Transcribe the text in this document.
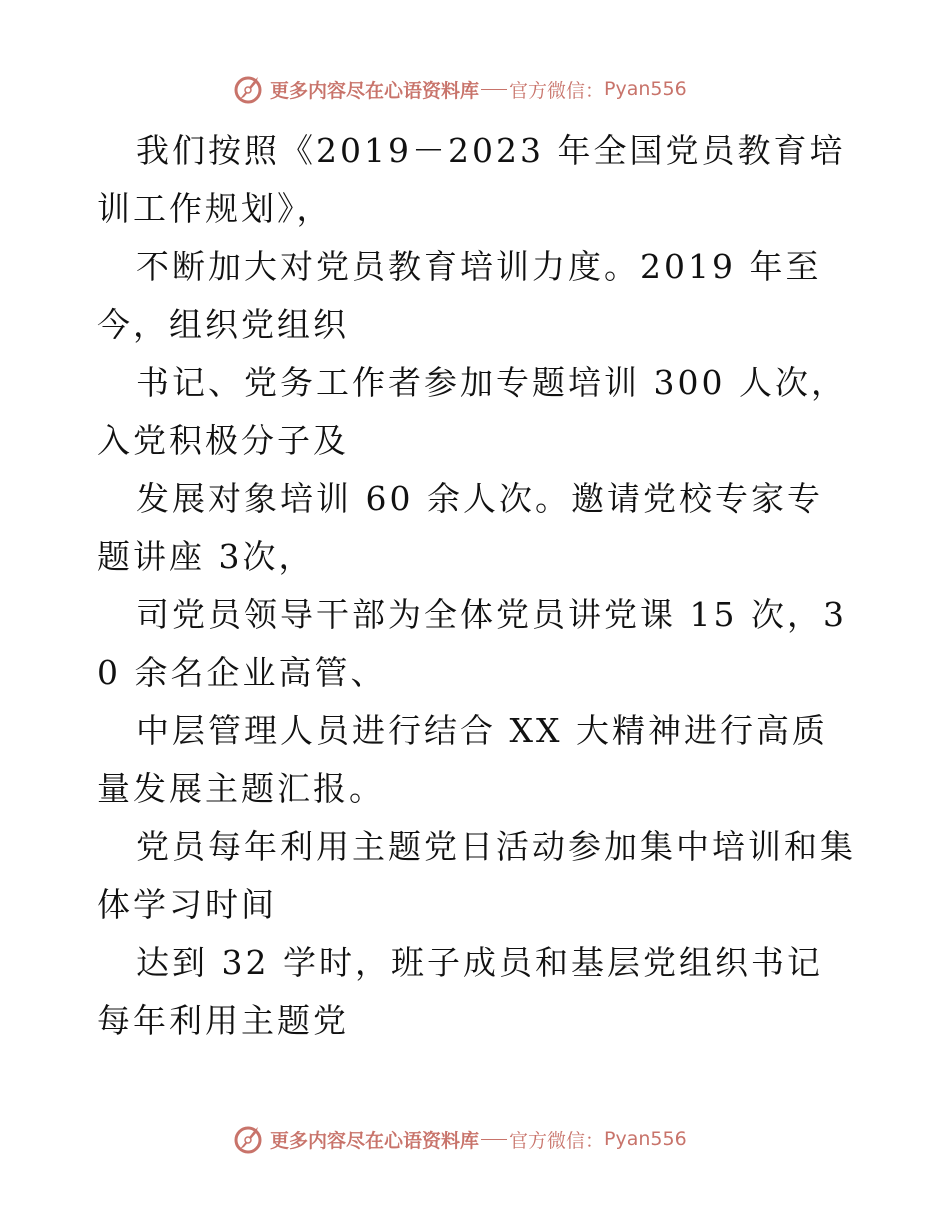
更多内容尽在心语资料库 官方微信： Pyan556

我们按照《2019－2023 年全国党员教育培训工作规划》，

不断加大对党员教育培训力度。2019 年至今，组织党组织

书记、党务工作者参加专题培训 300 人次，入党积极分子及

发展对象培训 60 余人次。邀请党校专家专题讲座 3次，

司党员领导干部为全体党员讲党课 15 次，30 余名企业高管、

中层管理人员进行结合 XX 大精神进行高质量发展主题汇报。

党员每年利用主题党日活动参加集中培训和集体学习时间

达到 32 学时，班子成员和基层党组织书记每年利用主题党

更多内容尽在心语资料库 官方微信： Pyan556
